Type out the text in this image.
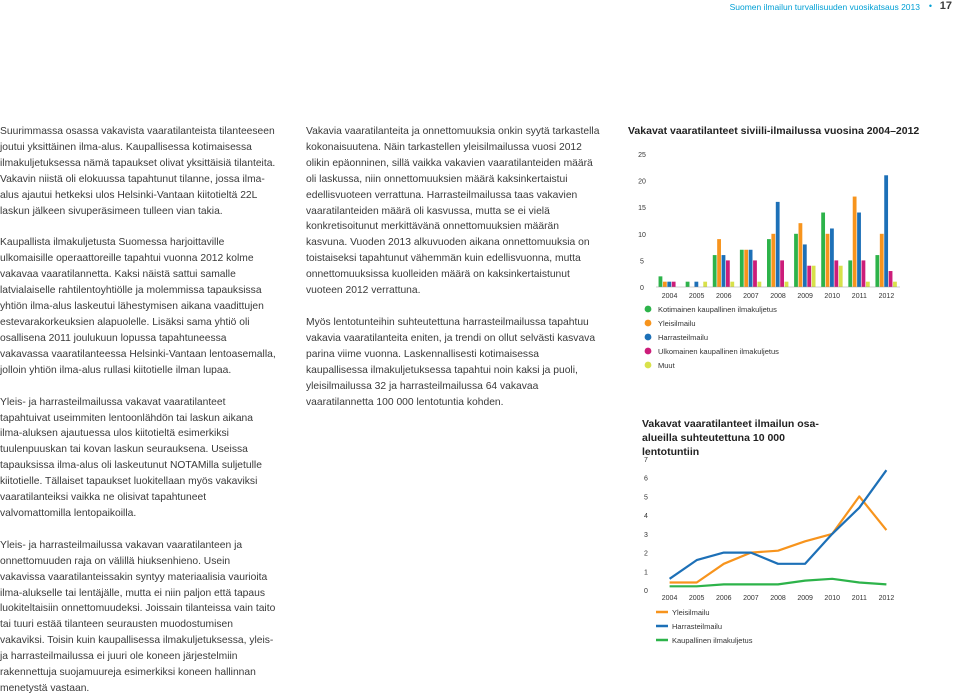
Suomen ilmailun turvallisuuden vuosikatsaus 2013 • 17

Suurimmassa osassa vakavista vaaratilanteista tilanteeseen joutui yksittäinen ilma-alus. Kaupallisessa kotimaisessa ilmakuljetuksessa nämä tapaukset olivat yksittäisiä tilanteita. Vakavin niistä oli elokuussa tapahtunut tilanne, jossa ilma-alus ajautui hetkeksi ulos Helsinki-Vantaan kiitotieltä 22L laskun jälkeen sivuperäsimeen tulleen vian takia.

Kaupallista ilmakuljetusta Suomessa harjoittaville ulkomaisille operaattoreille tapahtui vuonna 2012 kolme vakavaa vaaratilannetta. Kaksi näistä sattui samalle latvialaiselle rahtilentoyhtiölle ja molemmissa tapauksissa yhtiön ilma-alus laskeutui lähestymisen aikana vaadittujen estevarakorkeuksien alapuolelle. Lisäksi sama yhtiö oli osallisena 2011 joulukuun lopussa tapahtuneessa vakavassa vaaratilanteessa Helsinki-Vantaan lentoasemalla, jolloin yhtiön ilma-alus rullasi kiitotielle ilman lupaa.

Yleis- ja harrasteilmailussa vakavat vaaratilanteet tapahtuivat useimmiten lentoonlähdön tai laskun aikana ilma-aluksen ajautuessa ulos kiitotieltä esimerkiksi tuulenpuuskan tai kovan laskun seurauksena. Useissa tapauksissa ilma-alus oli laskeutunut NOTAMilla suljetulle kiitotielle. Tällaiset tapaukset luokitellaan myös vakaviksi vaaratilanteiksi vaikka ne olisivat tapahtuneet valvomattomilla lentopaikoilla.

Yleis- ja harrasteilmailussa vakavan vaaratilanteen ja onnettomuuden raja on välillä hiuksenhieno. Usein vakavissa vaaratilanteissakin syntyy materiaalisia vaurioita ilma-alukselle tai lentäjälle, mutta ei niin paljon että tapaus luokiteltaisiin onnettomuudeksi. Joissain tilanteissa vain taito tai tuuri estää tilanteen seurausten muodostumisen vakaviksi. Toisin kuin kaupallisessa ilmakuljetuksessa, yleis- ja harrasteilmailussa ei juuri ole koneen järjestelmiin rakennettuja suojamuureja esimerkiksi koneen hallinnan menetystä vastaan.

Vakavia vaaratilanteita ja onnettomuuksia onkin syytä tarkastella kokonaisuutena. Näin tarkastellen yleisilmailussa vuosi 2012 olikin epäonninen, sillä vaikka vakavien vaaratilanteiden määrä oli laskussa, niin onnettomuuksien määrä kaksinkertaistui edellisvuoteen verrattuna. Harrasteilmailussa taas vakavien vaaratilanteiden määrä oli kasvussa, mutta se ei vielä konkretisoitunut merkittävänä onnettomuuksien määrän kasvuna. Vuoden 2013 alkuvuoden aikana onnettomuuksia on toistaiseksi tapahtunut vähemmän kuin edellisvuonna, mutta onnettomuuksissa kuolleiden määrä on kaksinkertaistunut vuoteen 2012 verrattuna.

Myös lentotunteihin suhteutettuna harrasteilmailussa tapahtuu vakavia vaaratilanteita eniten, ja trendi on ollut selvästi kasvava parina viime vuonna. Laskennallisesti kotimaisessa kaupallisessa ilmakuljetuksessa tapahtui noin kaksi ja puoli, yleisilmailussa 32 ja harrasteilmailussa 64 vakavaa vaaratilannetta 100 000 lentotuntia kohden.

Vakavat vaaratilanteet siviili-ilmailussa vuosina 2004–2012
0
5
10
15
20
25
2004 2005 2006 2007 2008 2009 2010 2011 2012
Kotimainen kaupallinen ilmakuljetus
Yleisilmailu
Harrasteilmailu
Ulkomainen kaupallinen ilmakuljetus
Muut
Vakavat vaaratilanteet ilmailun osa-alueilla suhteutettuna 10 000 lentotuntiin
0
1
2
3
4
5
6
7
2004 2005 2006 2007 2008 2009 2010 2011 2012
Yleisilmailu
Harrasteilmailu
Kaupallinen ilmakuljetus
